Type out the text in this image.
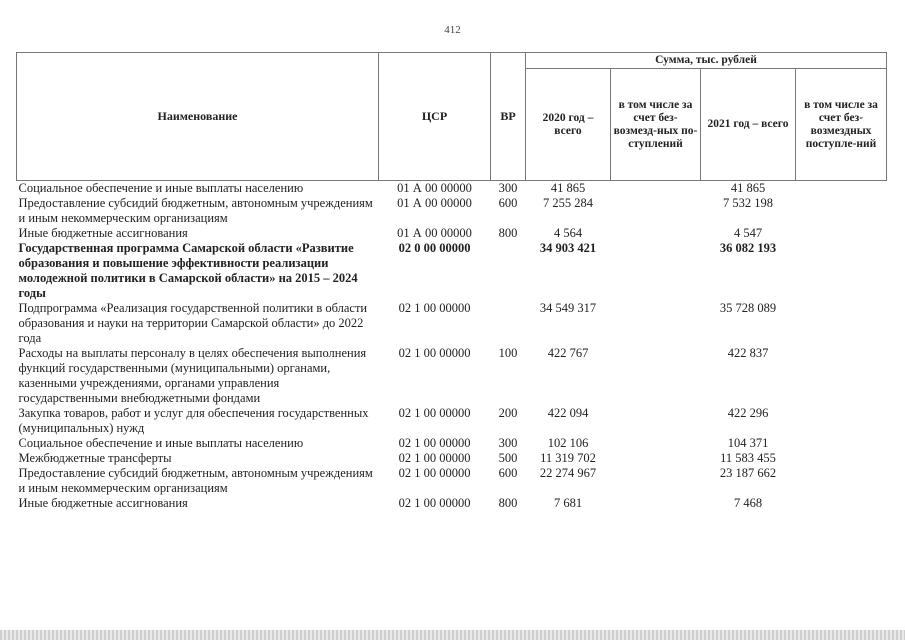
412
Наименование	ЦСР	ВР	Сумма, тыс. рублей			
			2020 год – всего	в том числе за счет без-возмезд-ных по-ступлений	2021 год – всего	в том числе за счет без-возмездных поступле-ний
Социальное обеспечение и иные выплаты населению	01 А 00 00000	300	41 865		41 865	
Предоставление субсидий бюджетным, автономным учреждениям и иным некоммерческим организациям	01 А 00 00000	600	7 255 284		7 532 198	
Иные бюджетные ассигнования	01 А 00 00000	800	4 564		4 547	
Государственная программа Самарской области «Развитие образования и повышение эффективности реализации молодежной политики в Самарской области» на 2015 – 2024 годы	02 0 00 00000		34 903 421		36 082 193	
Подпрограмма «Реализация государственной политики в области образования и науки на территории Самарской области» до 2022 года	02 1 00 00000		34 549 317		35 728 089	
Расходы на выплаты персоналу в целях обеспечения выполнения функций государственными (муниципальными) органами, казенными учреждениями, органами управления государственными внебюджетными фондами	02 1 00 00000	100	422 767		422 837	
Закупка товаров, работ и услуг для обеспечения государственных (муниципальных) нужд	02 1 00 00000	200	422 094		422 296	
Социальное обеспечение и иные выплаты населению	02 1 00 00000	300	102 106		104 371	
Межбюджетные трансферты	02 1 00 00000	500	11 319 702		11 583 455	
Предоставление субсидий бюджетным, автономным учреждениям и иным некоммерческим организациям	02 1 00 00000	600	22 274 967		23 187 662	
Иные бюджетные ассигнования	02 1 00 00000	800	7 681		7 468	
